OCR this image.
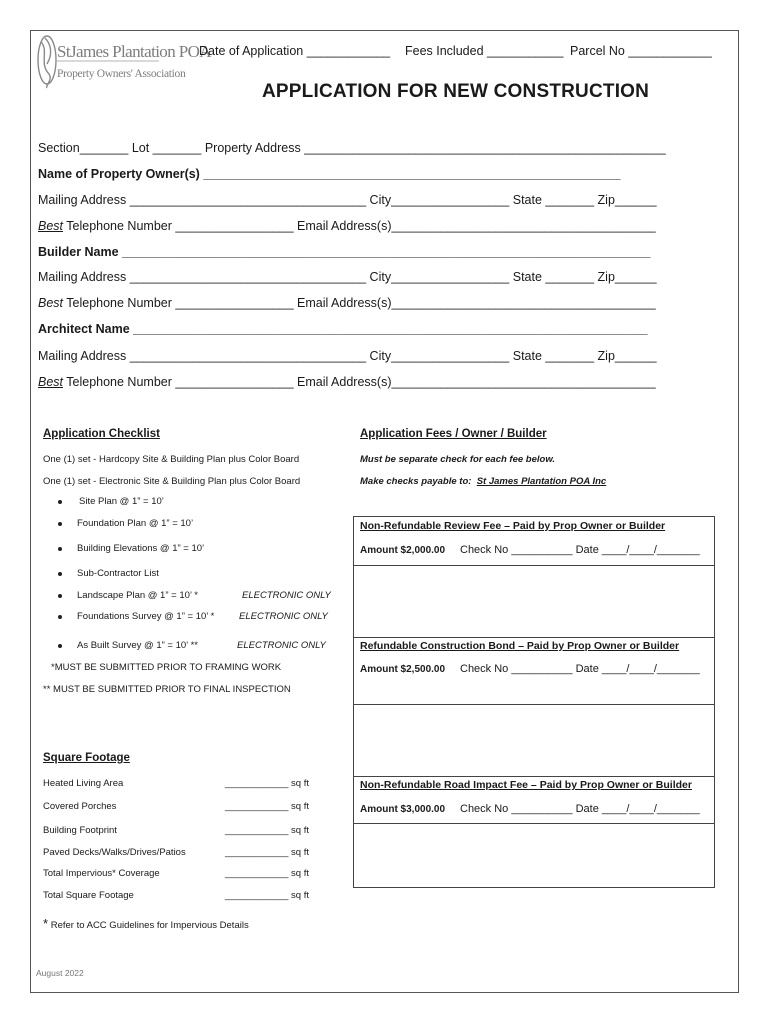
StJames Plantation POA
Property Owners' Association
Date of Application ____________ Fees Included ___________ Parcel No ____________
APPLICATION FOR NEW CONSTRUCTION
Section_______ Lot _______ Property Address ____________________________________________________
Name of Property Owner(s) ____________________________________________________________
Mailing Address __________________________________ City_________________ State _______ Zip______
Best Telephone Number _________________ Email Address(s)______________________________________
Builder Name ____________________________________________________________________________
Mailing Address __________________________________ City_________________ State _______ Zip______
Best Telephone Number _________________ Email Address(s)______________________________________
Architect Name __________________________________________________________________________
Mailing Address __________________________________ City_________________ State _______ Zip______
Best Telephone Number _________________ Email Address(s)______________________________________
Application Checklist
One (1) set - Hardcopy Site & Building Plan plus Color Board
One (1) set - Electronic Site & Building Plan plus Color Board
Site Plan @ 1” = 10’
Foundation Plan @ 1” = 10’
Building Elevations @ 1” = 10’
Sub-Contractor List
Landscape Plan @ 1” = 10’ *	ELECTRONIC ONLY
Foundations Survey @ 1” = 10’ *	ELECTRONIC ONLY
As Built Survey @ 1” = 10’ **	ELECTRONIC ONLY
*MUST BE SUBMITTED PRIOR TO FRAMING WORK
** MUST BE SUBMITTED PRIOR TO FINAL INSPECTION
Application Fees / Owner / Builder
Must be separate check for each fee below.
Make checks payable to: St James Plantation POA Inc
Non-Refundable Review Fee – Paid by Prop Owner or Builder
Amount $2,000.00 Check No __________ Date ____/____/_______
Refundable Construction Bond – Paid by Prop Owner or Builder
Amount $2,500.00 Check No __________ Date ____/____/_______
Non-Refundable Road Impact Fee – Paid by Prop Owner or Builder
Amount $3,000.00 Check No __________ Date ____/____/_______
Square Footage
Heated Living Area	____________ sq ft
Covered Porches	____________ sq ft
Building Footprint	____________ sq ft
Paved Decks/Walks/Drives/Patios	____________ sq ft
Total Impervious* Coverage	____________ sq ft
Total Square Footage	____________ sq ft
* Refer to ACC Guidelines for Impervious Details
August 2022
